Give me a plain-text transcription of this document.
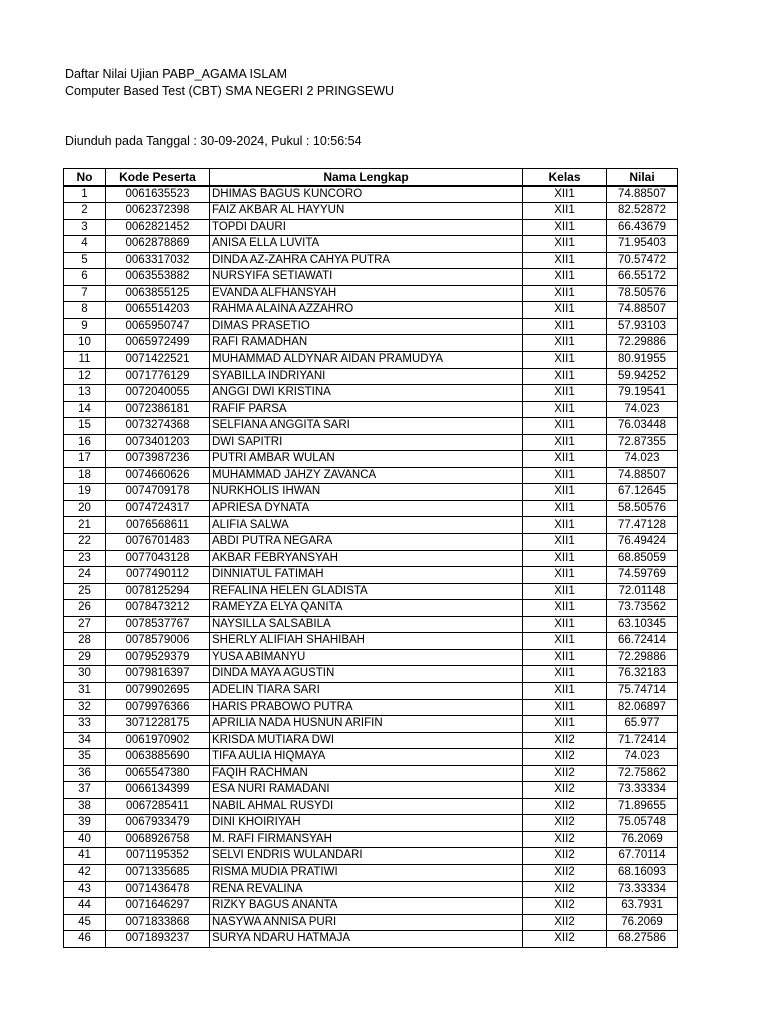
Daftar Nilai Ujian PABP_AGAMA ISLAM
Computer Based Test (CBT) SMA NEGERI 2 PRINGSEWU
Diunduh pada Tanggal : 30-09-2024, Pukul : 10:56:54
No	Kode Peserta	Nama Lengkap	Kelas	Nilai
1	0061635523	DHIMAS BAGUS KUNCORO	XII1	74.88507
2	0062372398	FAIZ AKBAR AL HAYYUN	XII1	82.52872
3	0062821452	TOPDI DAURI	XII1	66.43679
4	0062878869	ANISA ELLA LUVITA	XII1	71.95403
5	0063317032	DINDA AZ-ZAHRA CAHYA PUTRA	XII1	70.57472
6	0063553882	NURSYIFA SETIAWATI	XII1	66.55172
7	0063855125	EVANDA ALFHANSYAH	XII1	78.50576
8	0065514203	RAHMA ALAINA AZZAHRO	XII1	74.88507
9	0065950747	DIMAS PRASETIO	XII1	57.93103
10	0065972499	RAFI RAMADHAN	XII1	72.29886
11	0071422521	MUHAMMAD ALDYNAR AIDAN PRAMUDYA	XII1	80.91955
12	0071776129	SYABILLA INDRIYANI	XII1	59.94252
13	0072040055	ANGGI DWI KRISTINA	XII1	79.19541
14	0072386181	RAFIF PARSA	XII1	74.023
15	0073274368	SELFIANA ANGGITA SARI	XII1	76.03448
16	0073401203	DWI SAPITRI	XII1	72.87355
17	0073987236	PUTRI AMBAR WULAN	XII1	74.023
18	0074660626	MUHAMMAD JAHZY ZAVANCA	XII1	74.88507
19	0074709178	NURKHOLIS IHWAN	XII1	67.12645
20	0074724317	APRIESA DYNATA	XII1	58.50576
21	0076568611	ALIFIA SALWA	XII1	77.47128
22	0076701483	ABDI PUTRA NEGARA	XII1	76.49424
23	0077043128	AKBAR FEBRYANSYAH	XII1	68.85059
24	0077490112	DINNIATUL FATIMAH	XII1	74.59769
25	0078125294	REFALINA HELEN GLADISTA	XII1	72.01148
26	0078473212	RAMEYZA ELYA QANITA	XII1	73.73562
27	0078537767	NAYSILLA SALSABILA	XII1	63.10345
28	0078579006	SHERLY ALIFIAH SHAHIBAH	XII1	66.72414
29	0079529379	YUSA ABIMANYU	XII1	72.29886
30	0079816397	DINDA MAYA AGUSTIN	XII1	76.32183
31	0079902695	ADELIN TIARA SARI	XII1	75.74714
32	0079976366	HARIS PRABOWO PUTRA	XII1	82.06897
33	3071228175	APRILIA NADA HUSNUN ARIFIN	XII1	65.977
34	0061970902	KRISDA MUTIARA DWI	XII2	71.72414
35	0063885690	TIFA AULIA HIQMAYA	XII2	74.023
36	0065547380	FAQIH RACHMAN	XII2	72.75862
37	0066134399	ESA NURI RAMADANI	XII2	73.33334
38	0067285411	NABIL AHMAL RUSYDI	XII2	71.89655
39	0067933479	DINI KHOIRIYAH	XII2	75.05748
40	0068926758	M. RAFI FIRMANSYAH	XII2	76.2069
41	0071195352	SELVI ENDRIS WULANDARI	XII2	67.70114
42	0071335685	RISMA MUDIA PRATIWI	XII2	68.16093
43	0071436478	RENA REVALINA	XII2	73.33334
44	0071646297	RIZKY BAGUS ANANTA	XII2	63.7931
45	0071833868	NASYWA ANNISA PURI	XII2	76.2069
46	0071893237	SURYA NDARU HATMAJA	XII2	68.27586
